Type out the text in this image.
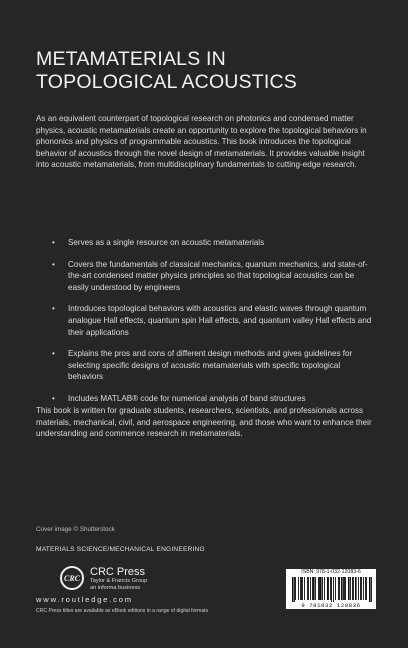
METAMATERIALS IN
TOPOLOGICAL ACOUSTICS

As an equivalent counterpart of topological research on photonics and condensed matter physics, acoustic metamaterials create an opportunity to explore the topological behaviors in phononics and physics of programmable acoustics. This book introduces the topological behavior of acoustics through the novel design of metamaterials. It provides valuable insight into acoustic metamaterials, from multidisciplinary fundamentals to cutting-edge research.

• Serves as a single resource on acoustic metamaterials
• Covers the fundamentals of classical mechanics, quantum mechanics, and state-of-the-art condensed matter physics principles so that topological acoustics can be easily understood by engineers
• Introduces topological behaviors with acoustics and elastic waves through quantum analogue Hall effects, quantum spin Hall effects, and quantum valley Hall effects and their applications
• Explains the pros and cons of different design methods and gives guidelines for selecting specific designs of acoustic metamaterials with specific topological behaviors
• Includes MATLAB® code for numerical analysis of band structures

This book is written for graduate students, researchers, scientists, and professionals across materials, mechanical, civil, and aerospace engineering, and those who want to enhance their understanding and commence research in metamaterials.

Cover image © Shutterstock
MATERIALS SCIENCE/MECHANICAL ENGINEERING
CRC CRC Press
Taylor & Francis Group
an informa business
www.routledge.com
CRC Press titles are available as eBook editions in a range of digital formats
ISBN: 978-1-032-12083-6
9 781032 120836
